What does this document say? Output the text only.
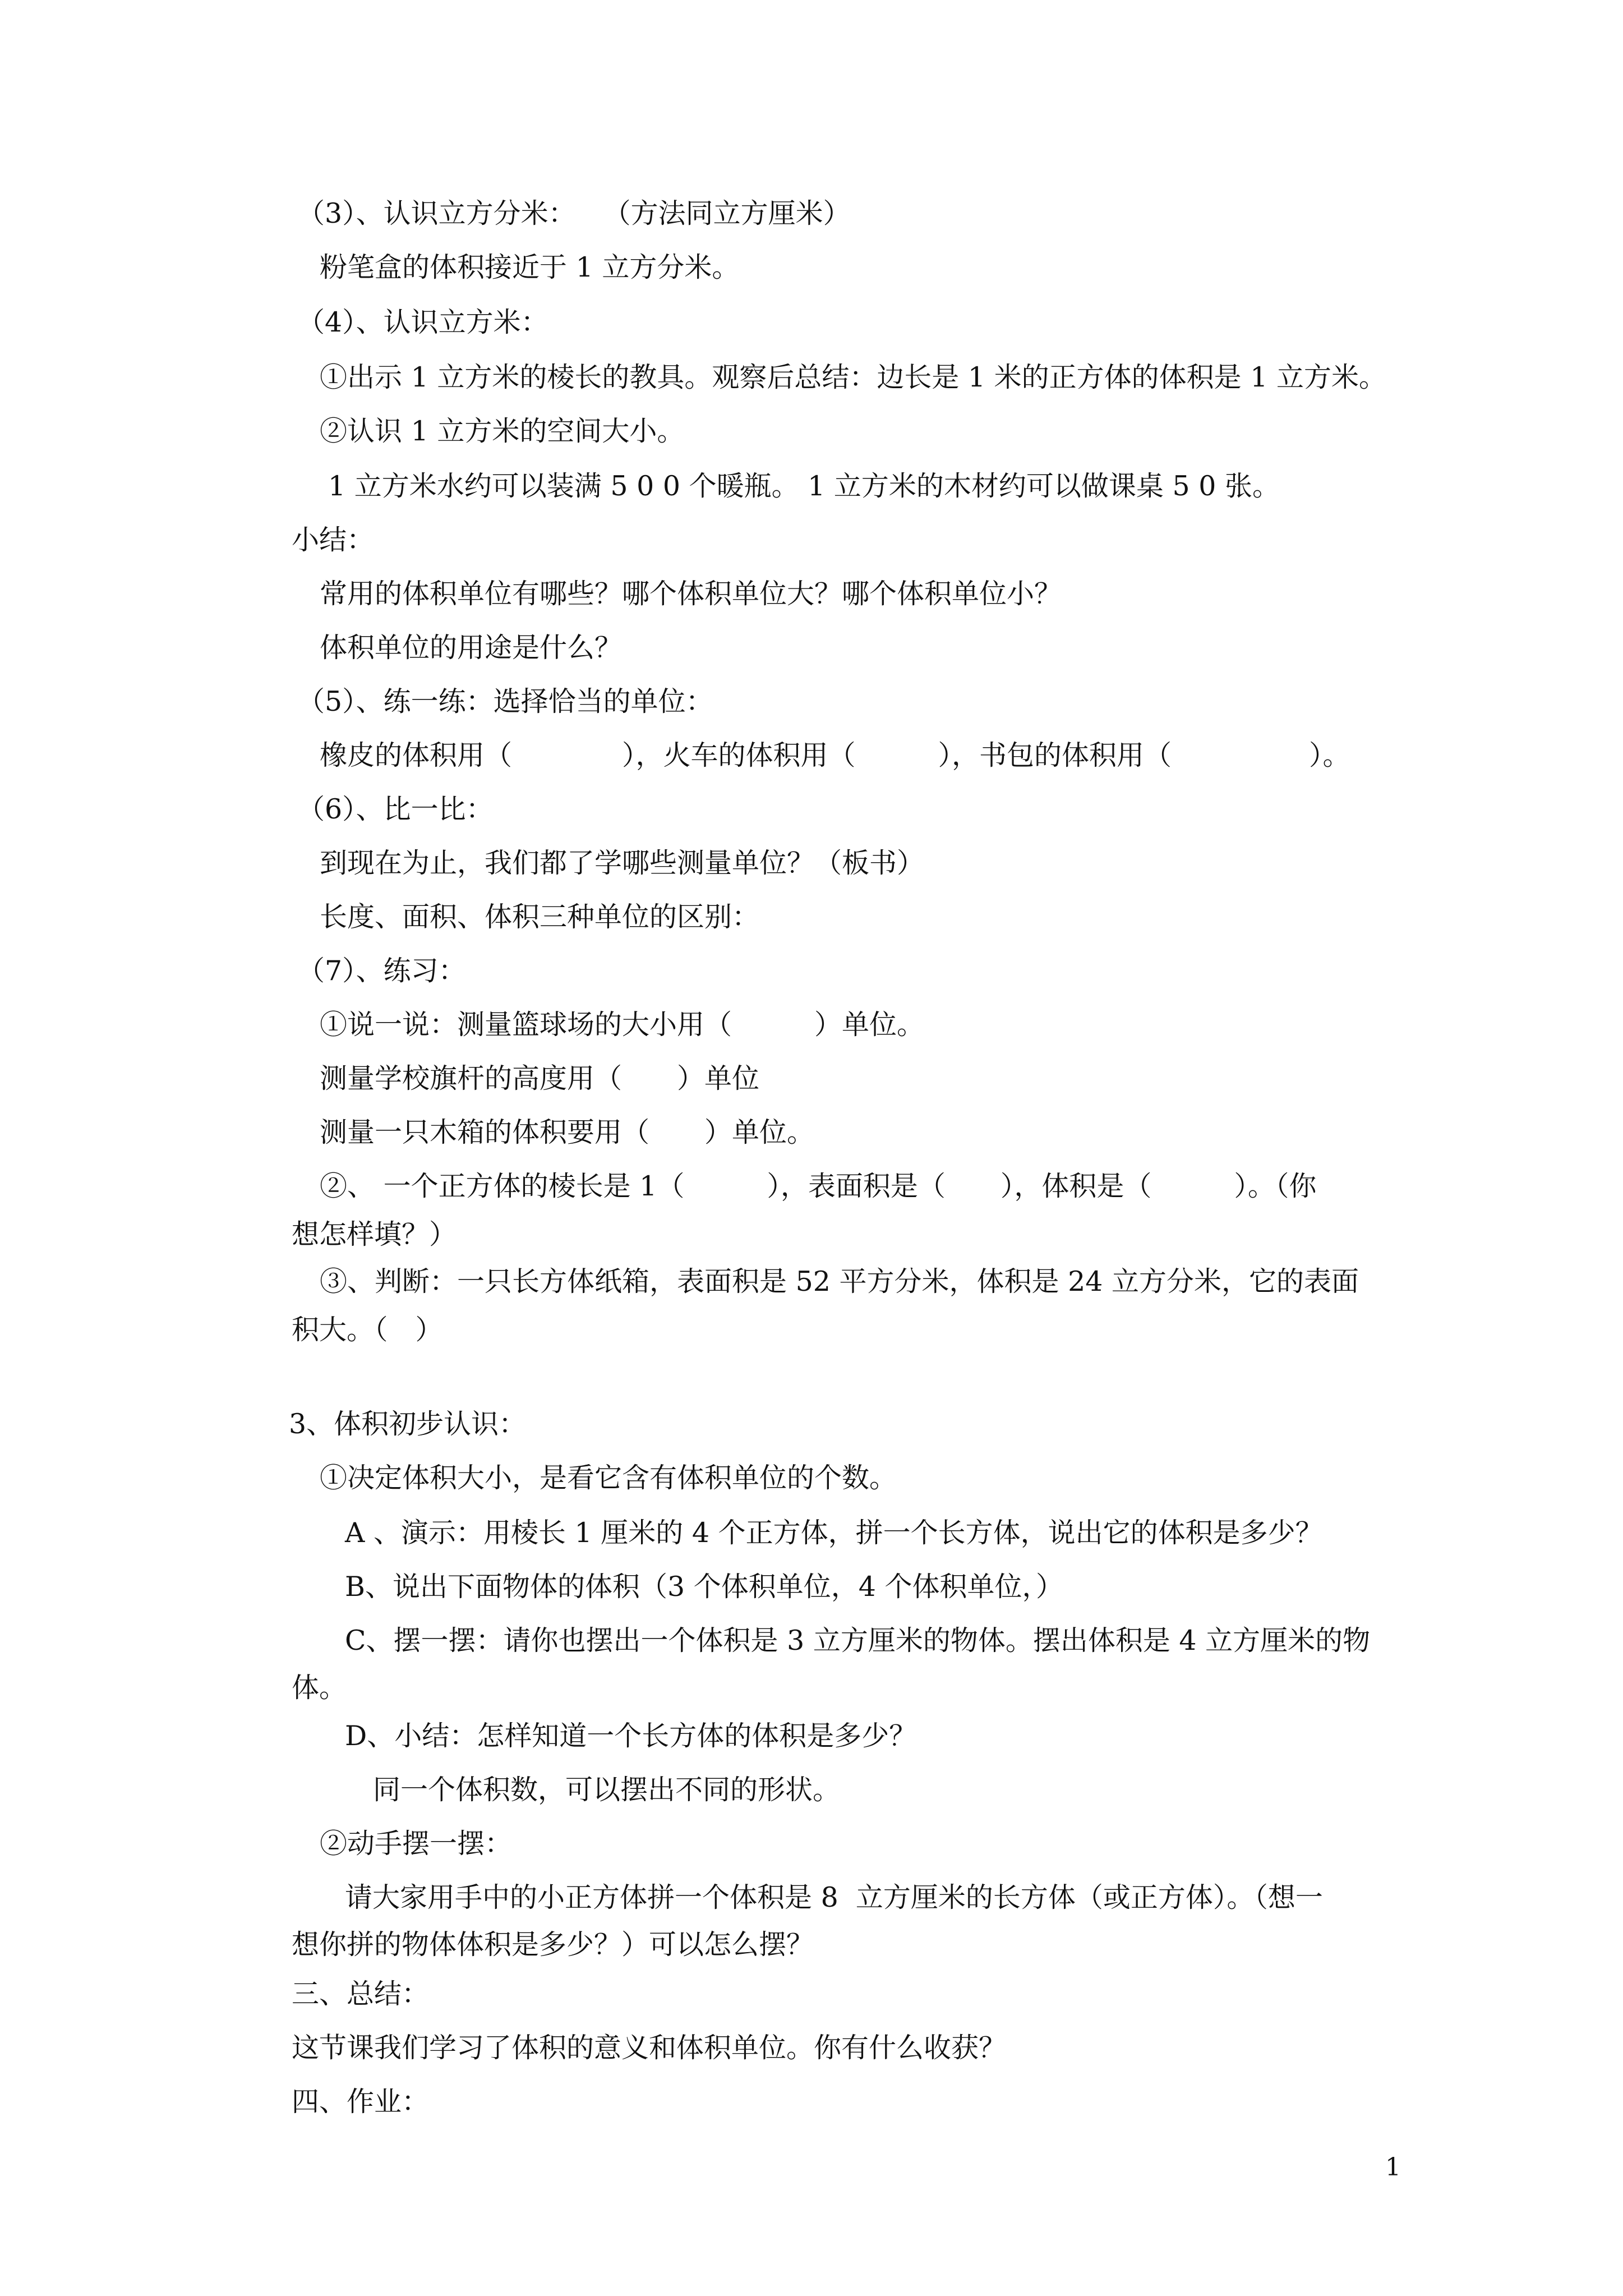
（3）、认识立方分米：　　（方法同立方厘米）
粉笔盒的体积接近于 1 立方分米。
（4）、认识立方米：
①出示 1 立方米的棱长的教具。观察后总结：边长是 1 米的正方体的体积是 1 立方米。
②认识 1 立方米的空间大小。
1 立方米水约可以装满 5 0 0 个暖瓶。 1 立方米的木材约可以做课桌 5 0 张。
小结：
常用的体积单位有哪些？哪个体积单位大？哪个体积单位小？
体积单位的用途是什么？
（5）、练一练：选择恰当的单位：
橡皮的体积用（　　　　），火车的体积用（　　　），书包的体积用（　　　　　）。
（6）、比一比：
到现在为止，我们都了学哪些测量单位？（板书）
长度、面积、体积三种单位的区别：
（7）、练习：
①说一说：测量篮球场的大小用（　　　）单位。
测量学校旗杆的高度用（　　）单位
测量一只木箱的体积要用（　　）单位。
②、 一个正方体的棱长是 1（　　　），表面积是（　　），体积是（　　　）。（你
想怎样填？）
③、判断：一只长方体纸箱，表面积是 52 平方分米，体积是 24 立方分米，它的表面
积大。（　）
3、体积初步认识：
①决定体积大小，是看它含有体积单位的个数。
A 、演示：用棱长 1 厘米的 4 个正方体，拼一个长方体，说出它的体积是多少？
B、说出下面物体的体积（3 个体积单位，4 个体积单位，）
C、摆一摆：请你也摆出一个体积是 3 立方厘米的物体。摆出体积是 4 立方厘米的物
体。
D、小结：怎样知道一个长方体的体积是多少？
同一个体积数，可以摆出不同的形状。
②动手摆一摆：
请大家用手中的小正方体拼一个体积是 8  立方厘米的长方体（或正方体）。（想一
想你拼的物体体积是多少？）可以怎么摆？
三、总结：
这节课我们学习了体积的意义和体积单位。你有什么收获？
四、作业：
1
